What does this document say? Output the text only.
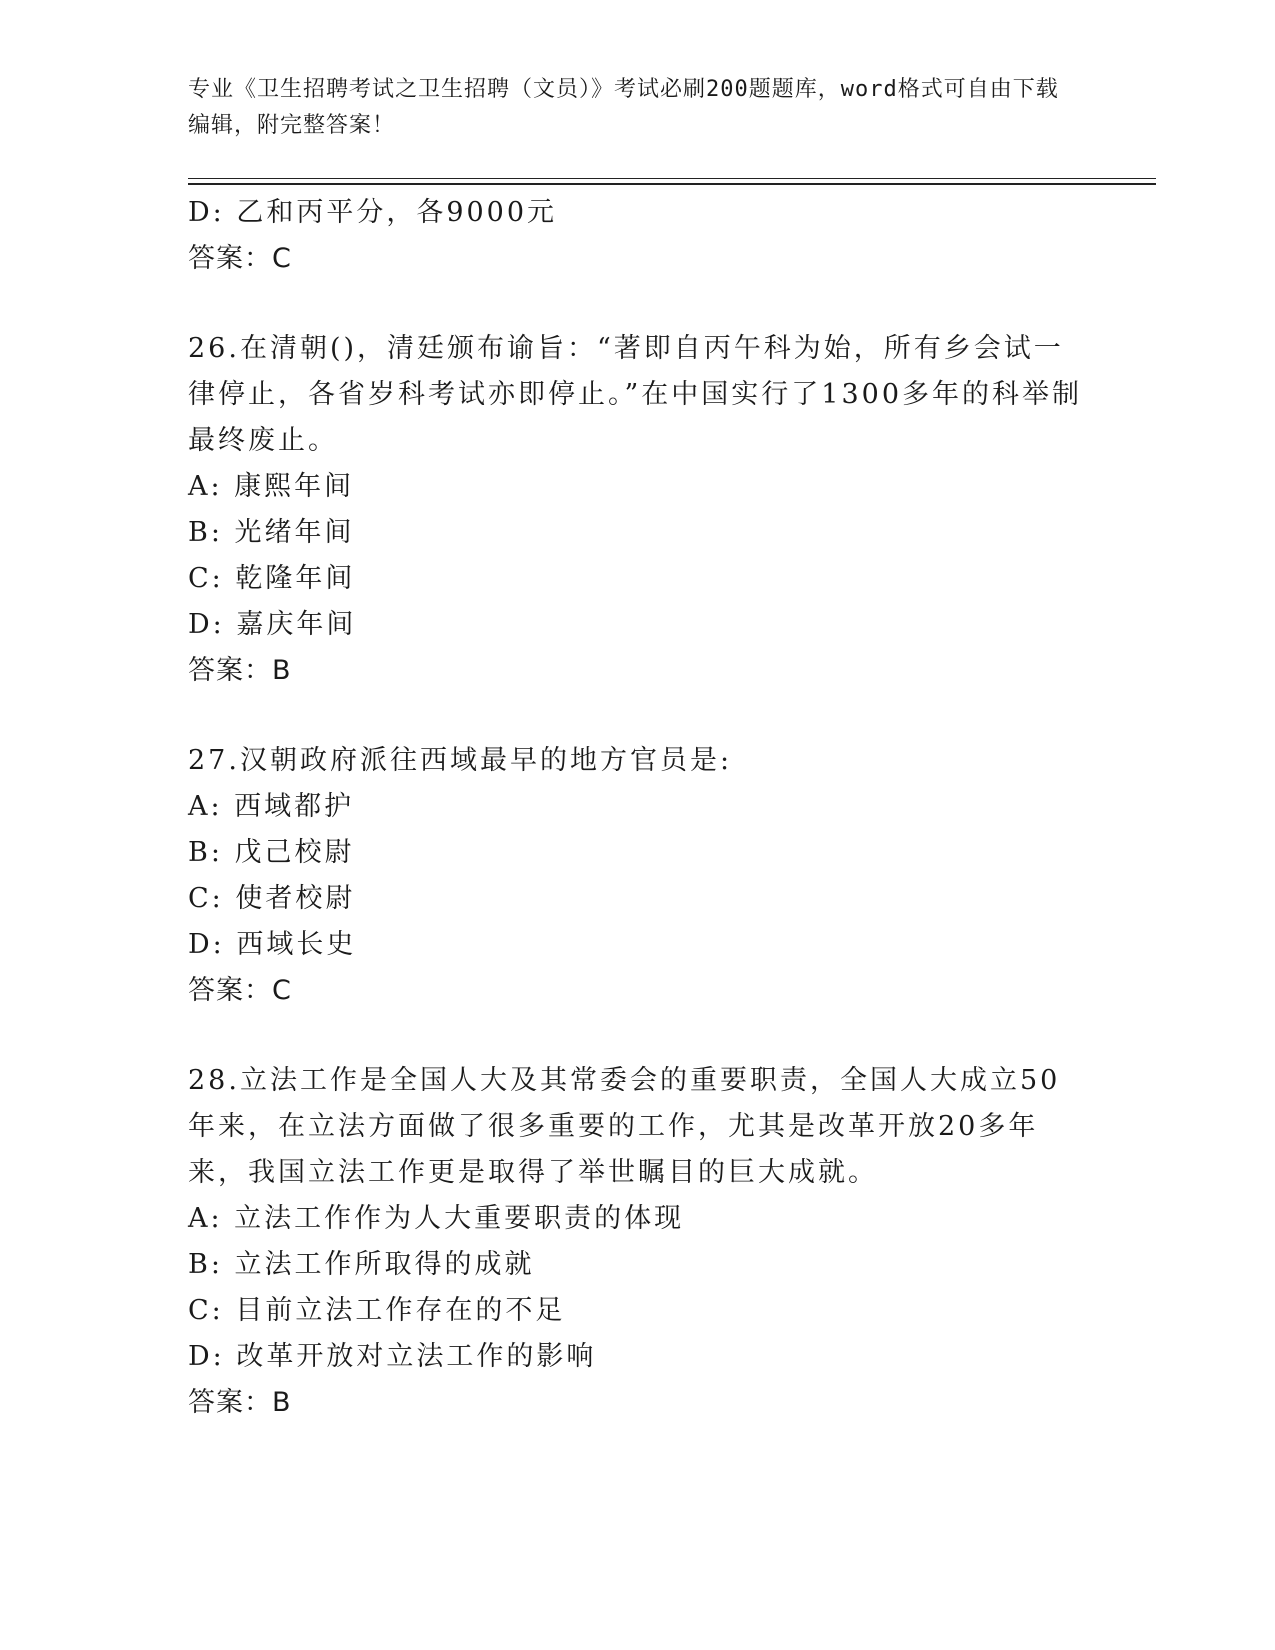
专业《卫生招聘考试之卫生招聘（文员）》考试必刷200题题库，word格式可自由下载编辑，附完整答案！
D: 乙和丙平分，各9000元
答案：C
26.在清朝()，清廷颁布谕旨：“著即自丙午科为始，所有乡会试一律停止，各省岁科考试亦即停止。”在中国实行了1300多年的科举制最终废止。
A: 康熙年间
B: 光绪年间
C: 乾隆年间
D: 嘉庆年间
答案：B
27.汉朝政府派往西域最早的地方官员是:
A: 西域都护
B: 戊己校尉
C: 使者校尉
D: 西域长史
答案：C
28.立法工作是全国人大及其常委会的重要职责，全国人大成立50年来，在立法方面做了很多重要的工作，尤其是改革开放20多年来，我国立法工作更是取得了举世瞩目的巨大成就。
A: 立法工作作为人大重要职责的体现
B: 立法工作所取得的成就
C: 目前立法工作存在的不足
D: 改革开放对立法工作的影响
答案：B
